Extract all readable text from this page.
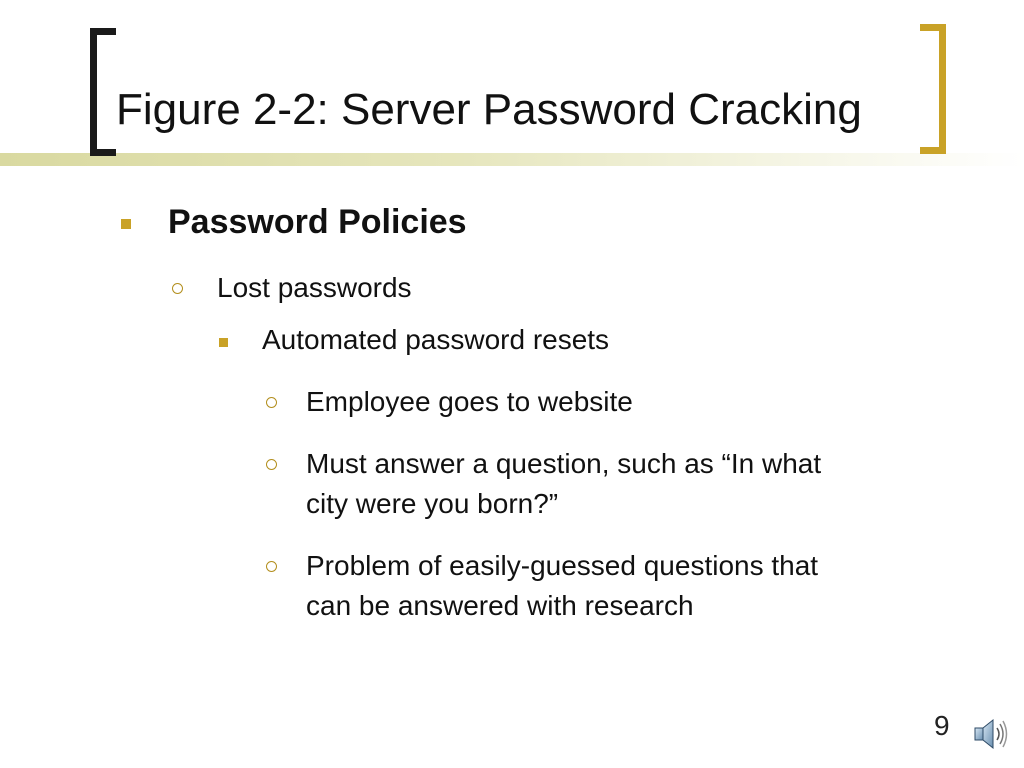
Figure 2-2: Server Password Cracking
Password Policies
Lost passwords
Automated password resets
Employee goes to website
Must answer a question, such as “In what
city were you born?”
Problem of easily-guessed questions that
can be answered with research
9
